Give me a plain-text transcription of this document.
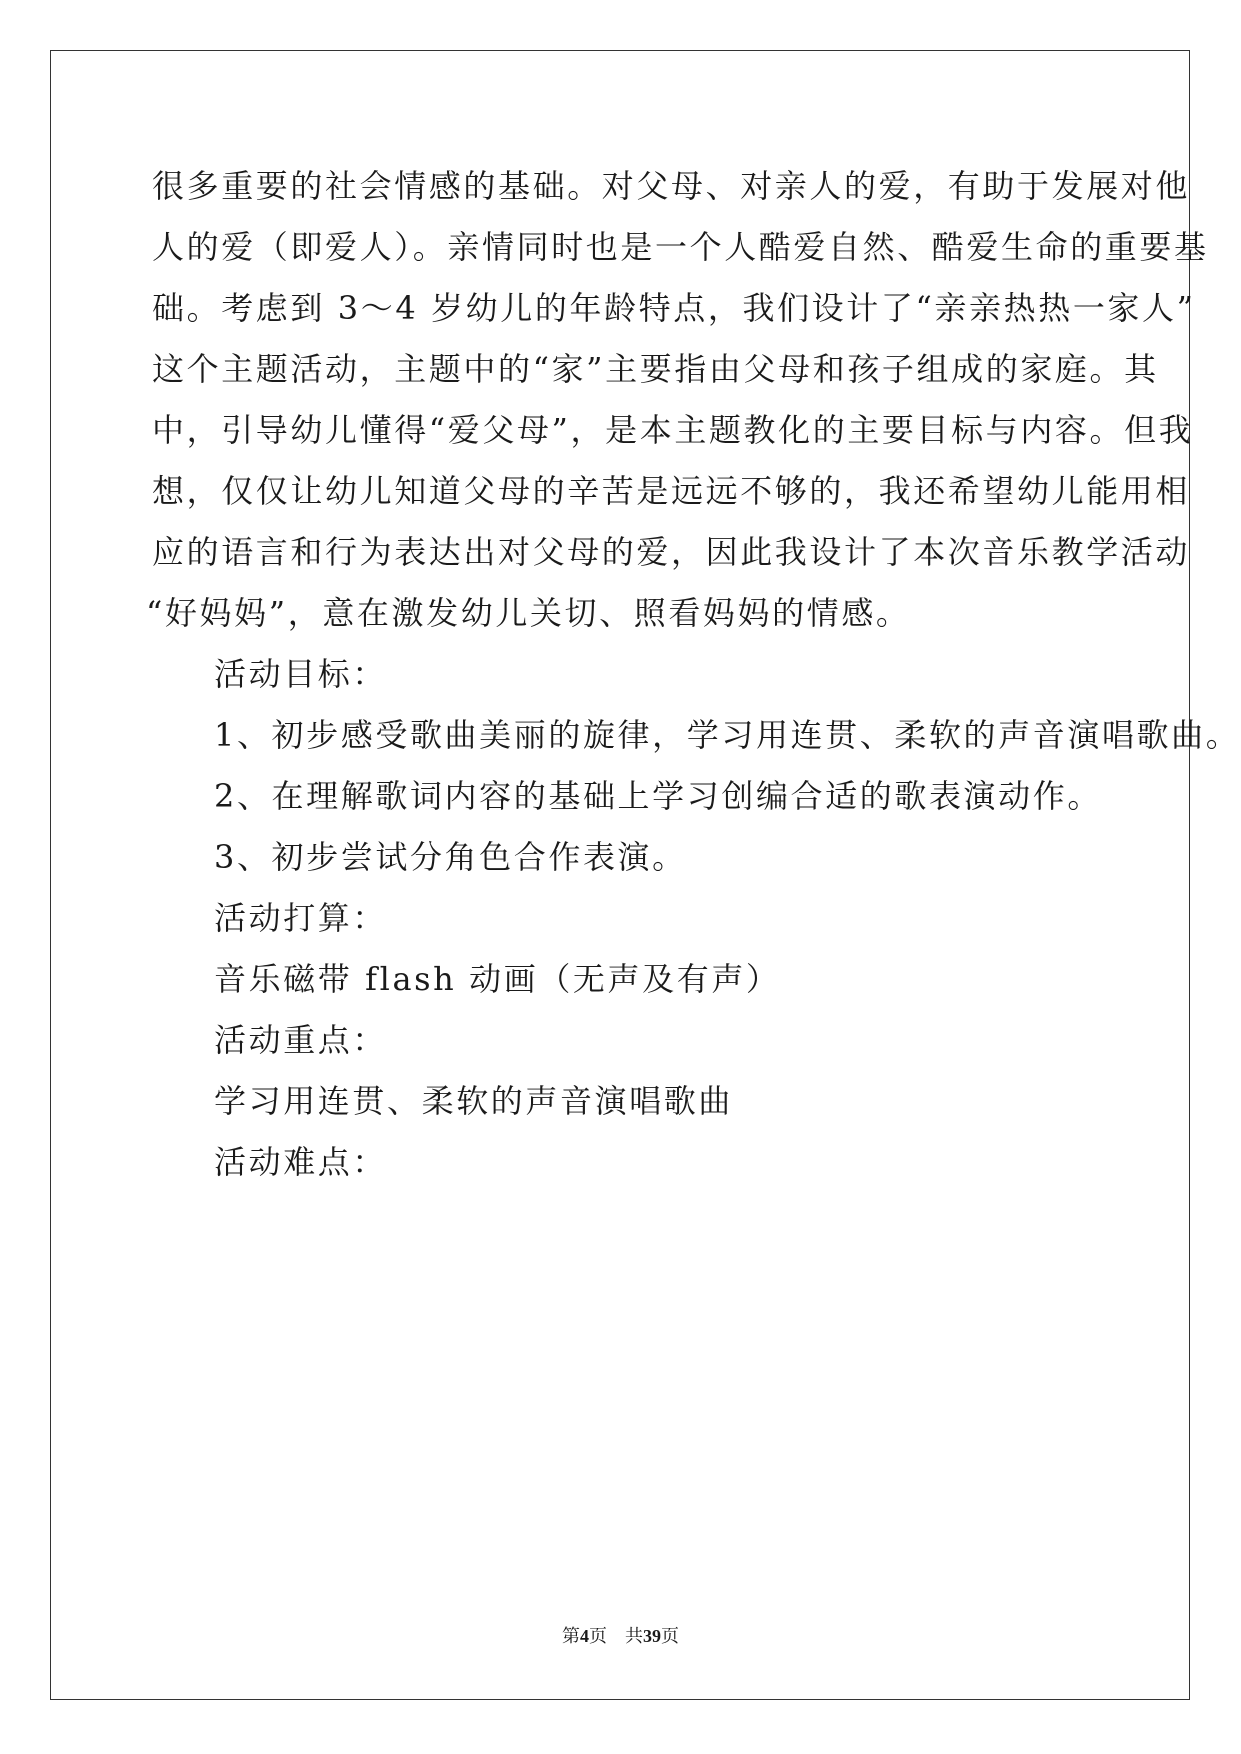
很多重要的社会情感的基础。对父母、对亲人的爱，有助于发展对他
人的爱（即爱人）。亲情同时也是一个人酷爱自然、酷爱生命的重要基
础。考虑到 3～4 岁幼儿的年龄特点，我们设计了“亲亲热热一家人”
这个主题活动，主题中的“家”主要指由父母和孩子组成的家庭。其
中，引导幼儿懂得“爱父母”，是本主题教化的主要目标与内容。但我
想，仅仅让幼儿知道父母的辛苦是远远不够的，我还希望幼儿能用相
应的语言和行为表达出对父母的爱，因此我设计了本次音乐教学活动
“好妈妈”，意在激发幼儿关切、照看妈妈的情感。
活动目标：
1、初步感受歌曲美丽的旋律，学习用连贯、柔软的声音演唱歌曲。
2、在理解歌词内容的基础上学习创编合适的歌表演动作。
3、初步尝试分角色合作表演。
活动打算：
音乐磁带 flash 动画（无声及有声）
活动重点：
学习用连贯、柔软的声音演唱歌曲
活动难点：
第4页 共39页
